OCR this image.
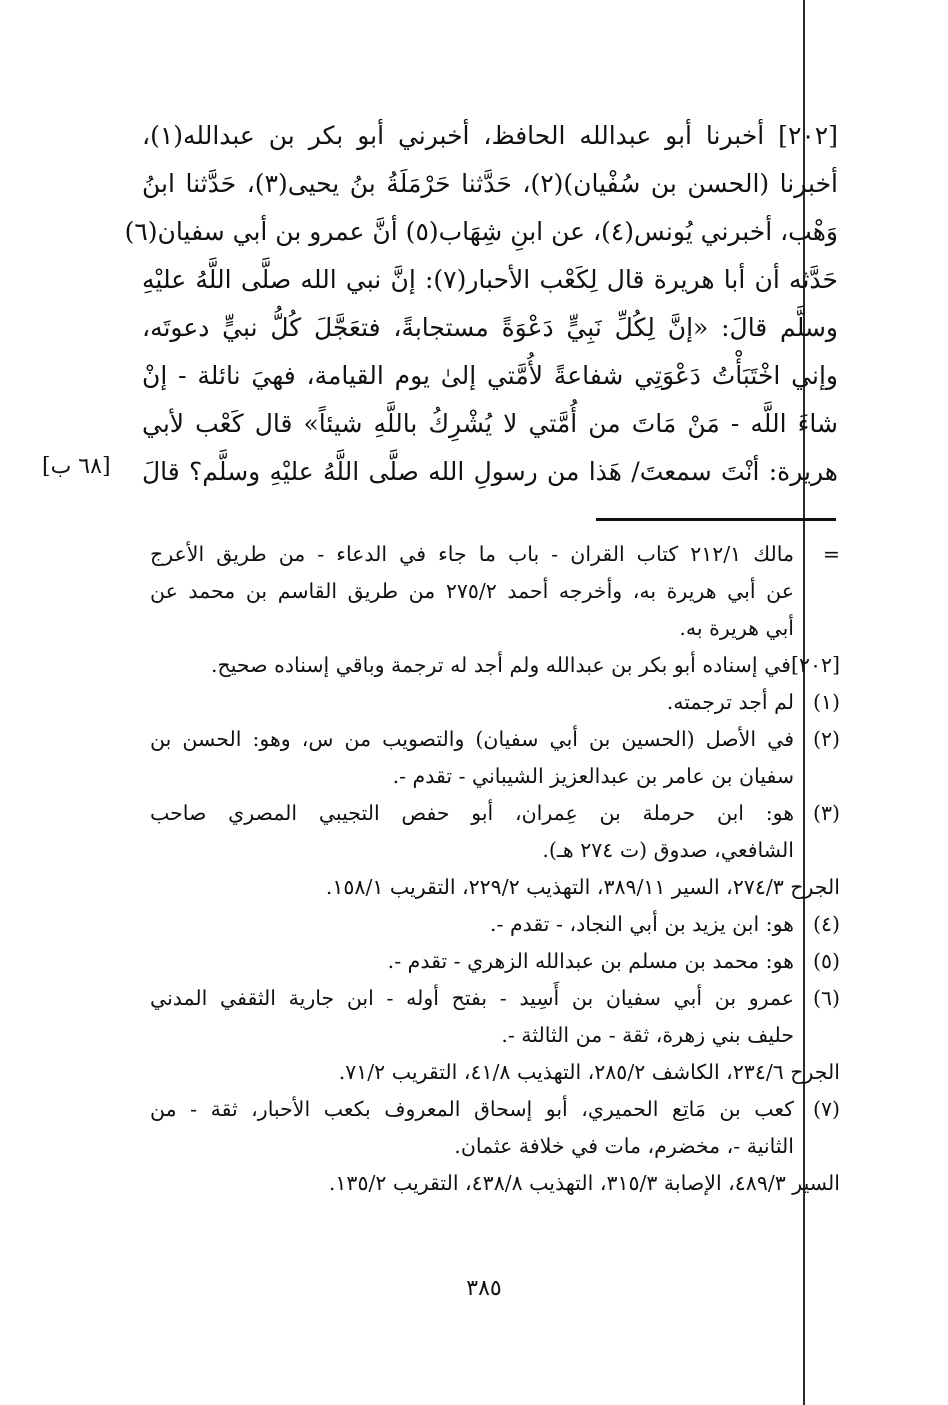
[٢٠٢] أخبرنا أبو عبدالله الحافظ، أخبرني أبو بكر بن عبدالله(١)،
أخبرنا (الحسن بن سُفْيان)(٢)، حَدَّثنا حَرْمَلَةُ بنُ يحيى(٣)، حَدَّثنا ابنُ
وَهْب، أخبرني يُونس(٤)، عن ابنِ شِهَاب(٥) أنَّ عمرو بن أبي سفيان(٦)
حَدَّثه أن أبا هريرة قال لِكَعْب الأحبار(٧): إنَّ نبي الله صلَّى اللَّهُ عليْهِ
وسلَّم قالَ: «إنَّ لِكُلِّ نَبِيٍّ دَعْوَةً مستجابةً، فتعَجَّلَ كُلُّ نبيٍّ دعوتَه،
وإني اخْتَبَأْتُ دَعْوَتِي شفاعةً لأُمَّتي إلىٰ يوم القيامة، فهيَ نائلة - إنْ
شاءَ اللَّه - مَنْ مَاتَ من أُمَّتي لا يُشْرِكُ باللَّهِ شيئاً» قال كَعْب لأبي
هريرة: أنْتَ سمعتَ/ هَذا من رسولِ الله صلَّى اللَّهُ عليْهِ وسلَّم؟ قالَ
[٦٨ ب]
=
مالك ٢١٢/١ كتاب القران - باب ما جاء في الدعاء - من طريق الأعرج
عن أبي هريرة به، وأخرجه أحمد ٢٧٥/٢ من طريق القاسم بن محمد عن
أبي هريرة به.
[٢٠٢]
في إسناده أبو بكر بن عبدالله ولم أجد له ترجمة وباقي إسناده صحيح.
(١)
لم أجد ترجمته.
(٢)
في الأصل (الحسين بن أبي سفيان) والتصويب من س، وهو: الحسن بن
سفيان بن عامر بن عبدالعزيز الشيباني - تقدم -.
(٣)
هو: ابن حرملة بن عِمران، أبو حفص التجيبي المصري صاحب
الشافعي، صدوق (ت ٢٧٤ هـ).
الجرح ٢٧٤/٣، السير ٣٨٩/١١، التهذيب ٢٢٩/٢، التقريب ١٥٨/١.
(٤)
هو: ابن يزيد بن أبي النجاد، - تقدم -.
(٥)
هو: محمد بن مسلم بن عبدالله الزهري - تقدم -.
(٦)
عمرو بن أبي سفيان بن أَسِيد - بفتح أوله - ابن جارية الثقفي المدني
حليف بني زهرة، ثقة - من الثالثة -.
الجرح ٢٣٤/٦، الكاشف ٢٨٥/٢، التهذيب ٤١/٨، التقريب ٧١/٢.
(٧)
كعب بن مَاتِع الحميري، أبو إسحاق المعروف بكعب الأحبار، ثقة - من
الثانية -، مخضرم، مات في خلافة عثمان.
السير ٤٨٩/٣، الإصابة ٣١٥/٣، التهذيب ٤٣٨/٨، التقريب ١٣٥/٢.
٣٨٥
